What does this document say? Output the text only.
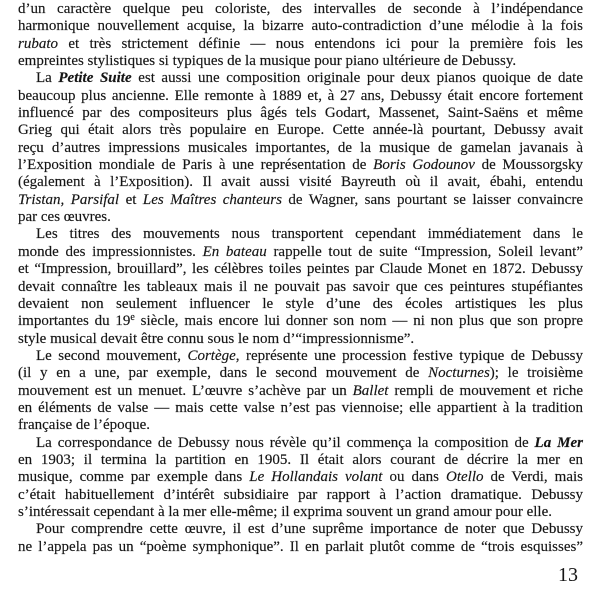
d’un caractère quelque peu coloriste, des intervalles de seconde à l’indépendance
harmonique nouvellement acquise, la bizarre auto-contradiction d’une mélodie à la fois
rubato et très strictement définie — nous entendons ici pour la première fois les
empreintes stylistiques si typiques de la musique pour piano ultérieure de Debussy.
La Petite Suite est aussi une composition originale pour deux pianos quoique de date
beaucoup plus ancienne. Elle remonte à 1889 et, à 27 ans, Debussy était encore fortement
influencé par des compositeurs plus âgés tels Godart, Massenet, Saint-Saëns et même
Grieg qui était alors très populaire en Europe. Cette année-là pourtant, Debussy avait
reçu d’autres impressions musicales importantes, de la musique de gamelan javanais à
l’Exposition mondiale de Paris à une représentation de Boris Godounov de Moussorgsky
(également à l’Exposition). Il avait aussi visité Bayreuth où il avait, ébahi, entendu
Tristan, Parsifal et Les Maîtres chanteurs de Wagner, sans pourtant se laisser convaincre
par ces œuvres.
Les titres des mouvements nous transportent cependant immédiatement dans le
monde des impressionnistes. En bateau rappelle tout de suite “Impression, Soleil levant”
et “Impression, brouillard”, les célèbres toiles peintes par Claude Monet en 1872. Debussy
devait connaître les tableaux mais il ne pouvait pas savoir que ces peintures stupéfiantes
devaient non seulement influencer le style d’une des écoles artistiques les plus
importantes du 19e siècle, mais encore lui donner son nom — ni non plus que son propre
style musical devait être connu sous le nom d’“impressionnisme”.
Le second mouvement, Cortège, représente une procession festive typique de Debussy
(il y en a une, par exemple, dans le second mouvement de Nocturnes); le troisième
mouvement est un menuet. L’œuvre s’achève par un Ballet rempli de mouvement et riche
en éléments de valse — mais cette valse n’est pas viennoise; elle appartient à la tradition
française de l’époque.
La correspondance de Debussy nous révèle qu’il commença la composition de La Mer
en 1903; il termina la partition en 1905. Il était alors courant de décrire la mer en
musique, comme par exemple dans Le Hollandais volant ou dans Otello de Verdi, mais
c’était habituellement d’intérêt subsidiaire par rapport à l’action dramatique. Debussy
s’intéressait cependant à la mer elle-même; il exprima souvent un grand amour pour elle.
Pour comprendre cette œuvre, il est d’une suprême importance de noter que Debussy
ne l’appela pas un “poème symphonique”. Il en parlait plutôt comme de “trois esquisses”
13
